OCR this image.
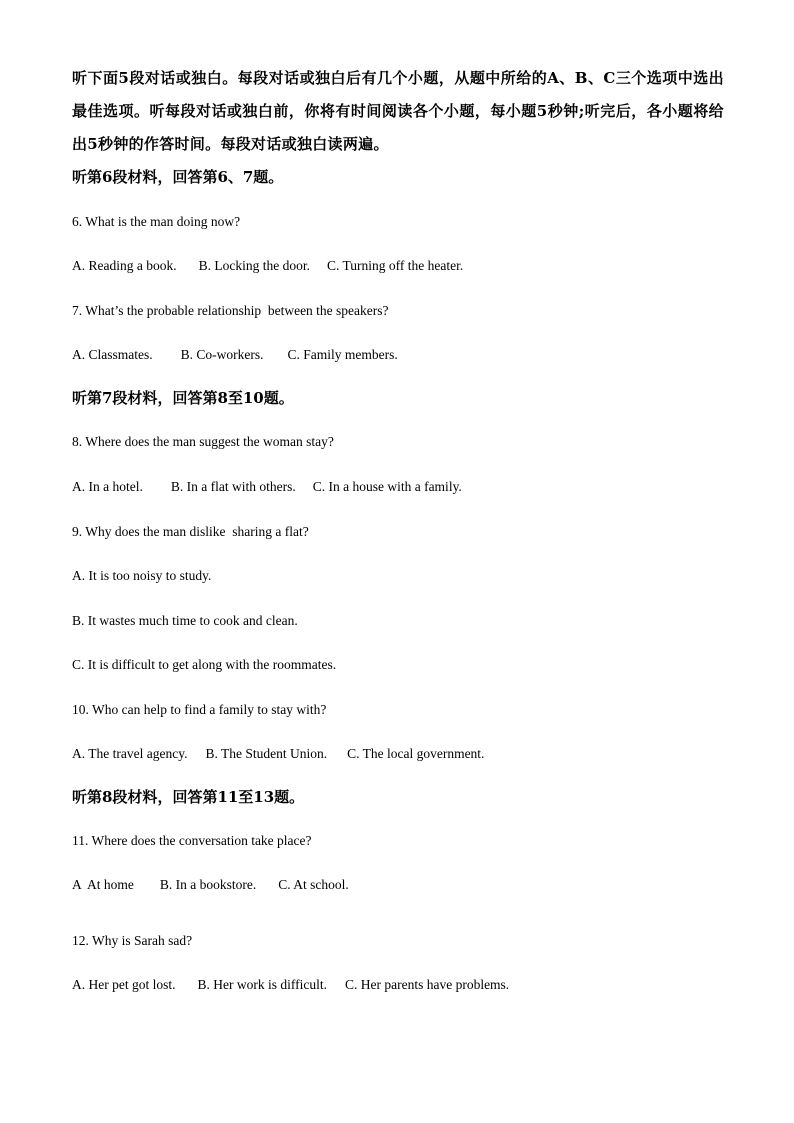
听下面5段对话或独白。每段对话或独白后有几个小题，从题中所给的A、B、C三个选项中选出最佳选项。听每段对话或独白前，你将有时间阅读各个小题，每小题5秒钟;听完后，各小题将给出5秒钟的作答时间。每段对话或独白读两遍。

听第6段材料，回答第6、7题。

6. What is the man doing now?

A. Reading a book. B. Locking the door. C. Turning off the heater.

7. What’s the probable relationship  between the speakers?

A. Classmates. B. Co-workers. C. Family members.

听第7段材料，回答第8至10题。

8. Where does the man suggest the woman stay?

A. In a hotel. B. In a flat with others. C. In a house with a family.

9. Why does the man dislike  sharing a flat?

A. It is too noisy to study.

B. It wastes much time to cook and clean.

C. It is difficult to get along with the roommates.

10. Who can help to find a family to stay with?

A. The travel agency. B. The Student Union. C. The local government.

听第8段材料，回答第11至13题。

11. Where does the conversation take place?

A  At home B. In a bookstore. C. At school.

12. Why is Sarah sad?

A. Her pet got lost. B. Her work is difficult. C. Her parents have problems.
